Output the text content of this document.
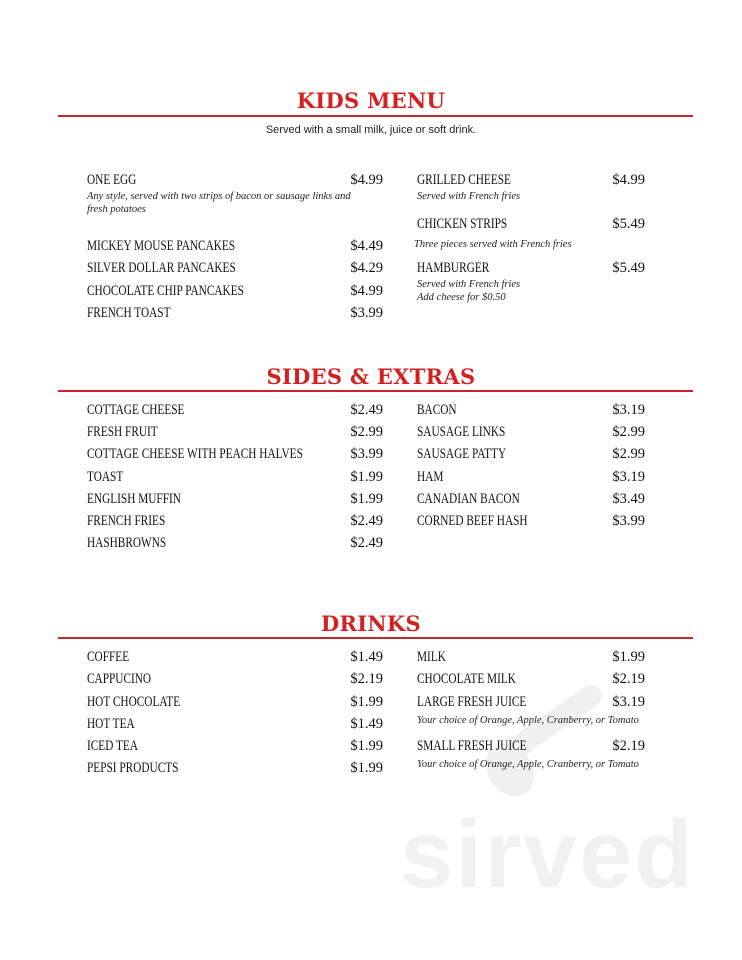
sirved
KIDS MENU
Served with a small milk, juice or soft drink.
SIDES & EXTRAS
DRINKS
ONE EGG	$4.99
Any style, served with two strips of bacon or sausage links and
fresh potatoes
MICKEY MOUSE PANCAKES	$4.49
SILVER DOLLAR PANCAKES	$4.29
CHOCOLATE CHIP PANCAKES	$4.99
FRENCH TOAST	$3.99
GRILLED CHEESE	$4.99
Served with French fries
CHICKEN STRIPS	$5.49
Three pieces served with French fries
HAMBURGER	$5.49
Served with French fries
Add cheese for $0.50
COTTAGE CHEESE	$2.49
FRESH FRUIT	$2.99
COTTAGE CHEESE WITH PEACH HALVES	$3.99
TOAST	$1.99
ENGLISH MUFFIN	$1.99
FRENCH FRIES	$2.49
HASHBROWNS	$2.49
BACON	$3.19
SAUSAGE LINKS	$2.99
SAUSAGE PATTY	$2.99
HAM	$3.19
CANADIAN BACON	$3.49
CORNED BEEF HASH	$3.99
COFFEE	$1.49
CAPPUCINO	$2.19
HOT CHOCOLATE	$1.99
HOT TEA	$1.49
ICED TEA	$1.99
PEPSI PRODUCTS	$1.99
MILK	$1.99
CHOCOLATE MILK	$2.19
LARGE FRESH JUICE	$3.19
Your choice of Orange, Apple, Cranberry, or Tomato
SMALL FRESH JUICE	$2.19
Your choice of Orange, Apple, Cranberry, or Tomato
